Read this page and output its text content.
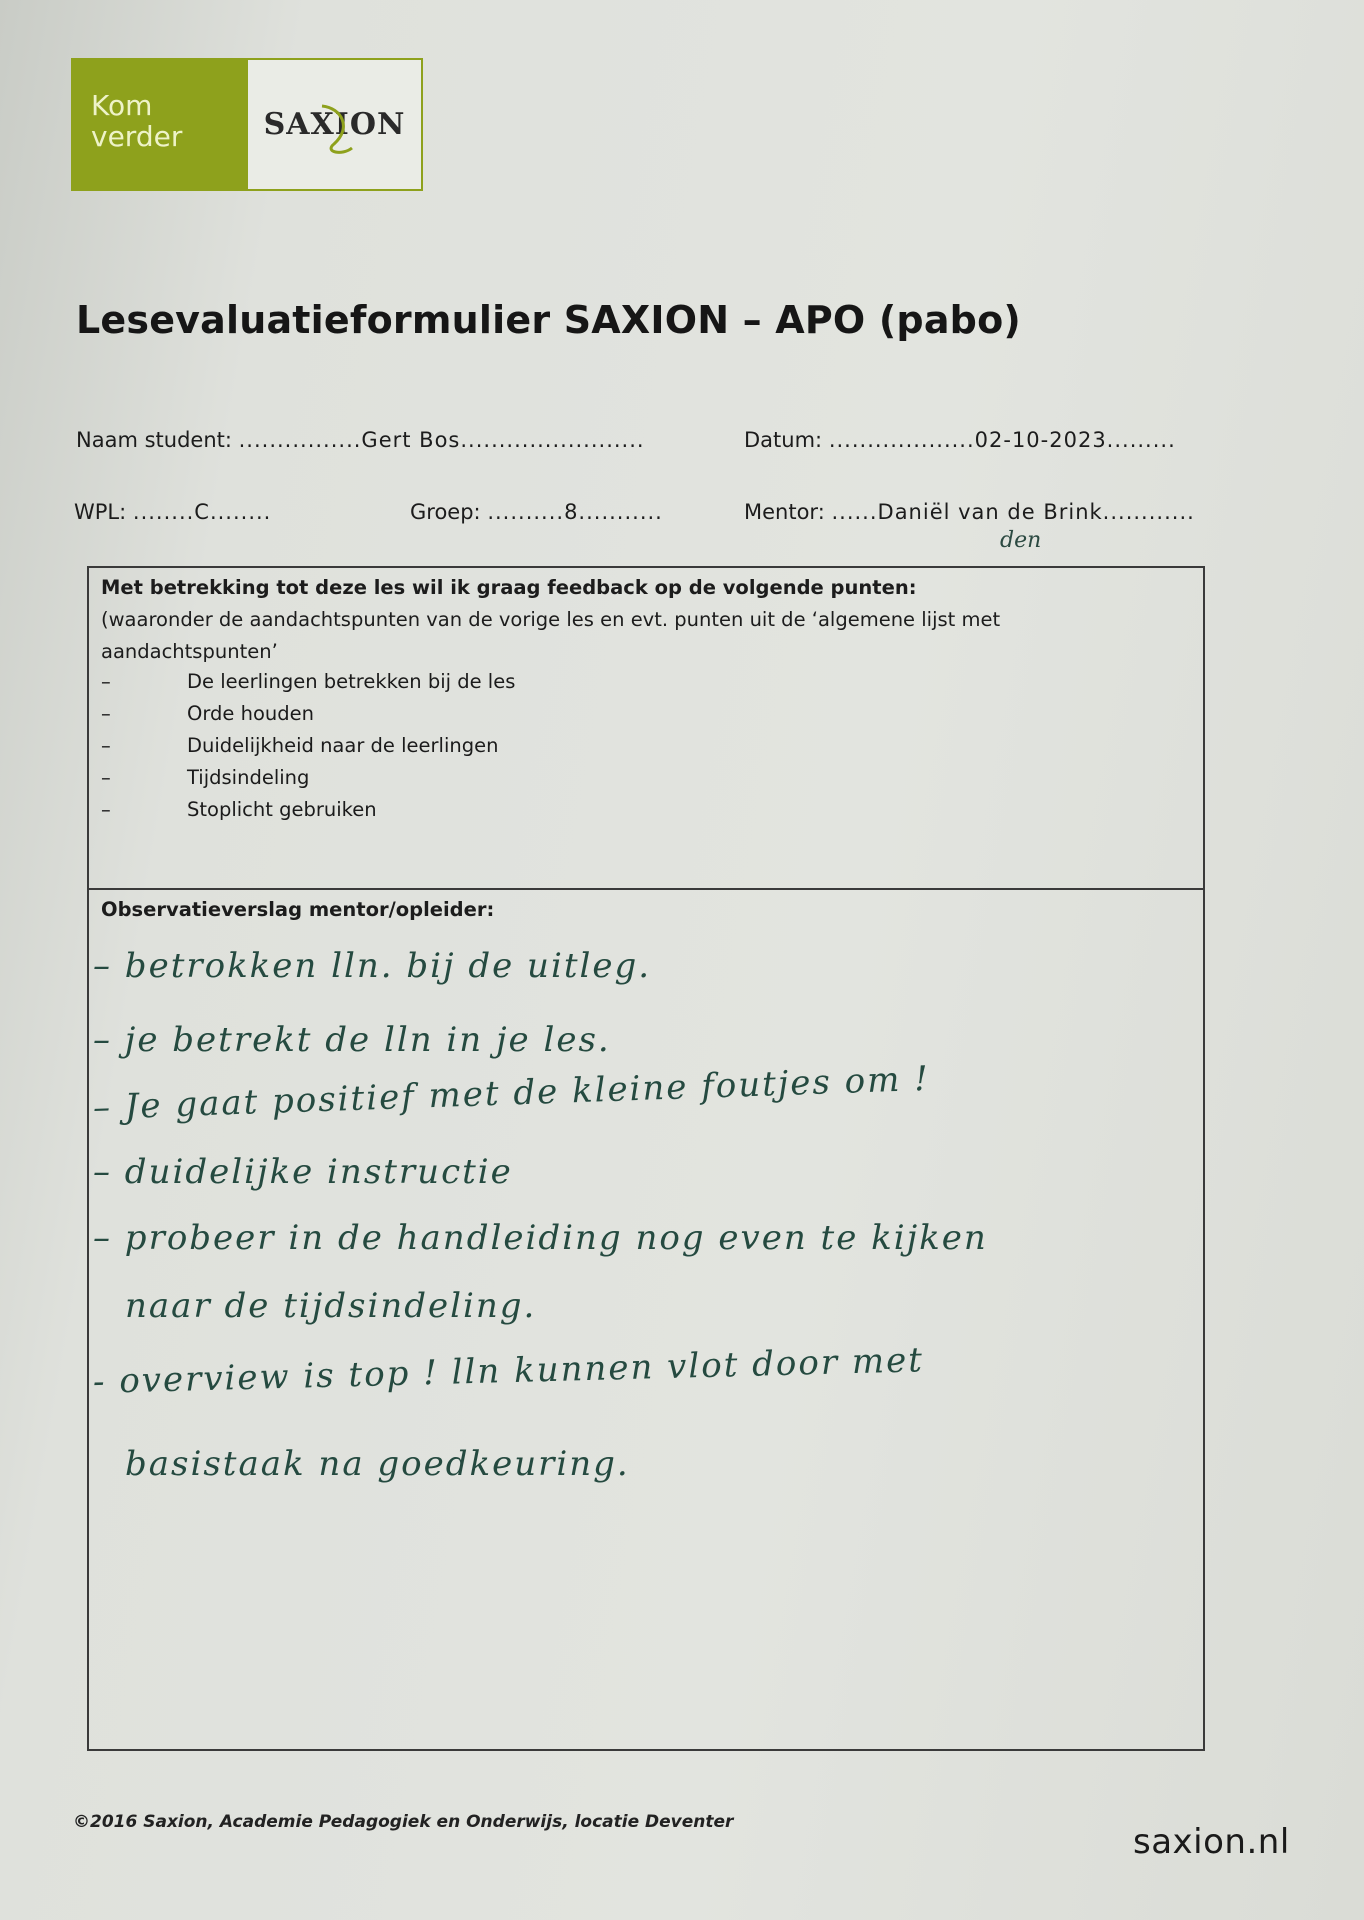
Kom
verder	SAXION
Lesevaluatieformulier SAXION – APO (pabo)
Naam student: ................Gert Bos........................	Datum: ...................02-10-2023.........
WPL: ........C........	Groep: ..........8...........	Mentor: ......Daniël van de Brink............
den
Met betrekking tot deze les wil ik graag feedback op de volgende punten:
(waaronder de aandachtspunten van de vorige les en evt. punten uit de ‘algemene lijst met aandachtspunten’
–	De leerlingen betrekken bij de les
–	Orde houden
–	Duidelijkheid naar de leerlingen
–	Tijdsindeling
–	Stoplicht gebruiken
Observatieverslag mentor/opleider:
– betrokken lln. bij de uitleg.
– je betrekt de lln in je les.
– Je gaat positief met de kleine foutjes om !
– duidelijke instructie
– probeer in de handleiding nog even te kijken
naar de tijdsindeling.
- overview is top ! lln kunnen vlot door met
basistaak na goedkeuring.
©2016 Saxion, Academie Pedagogiek en Onderwijs, locatie Deventer	saxion.nl
